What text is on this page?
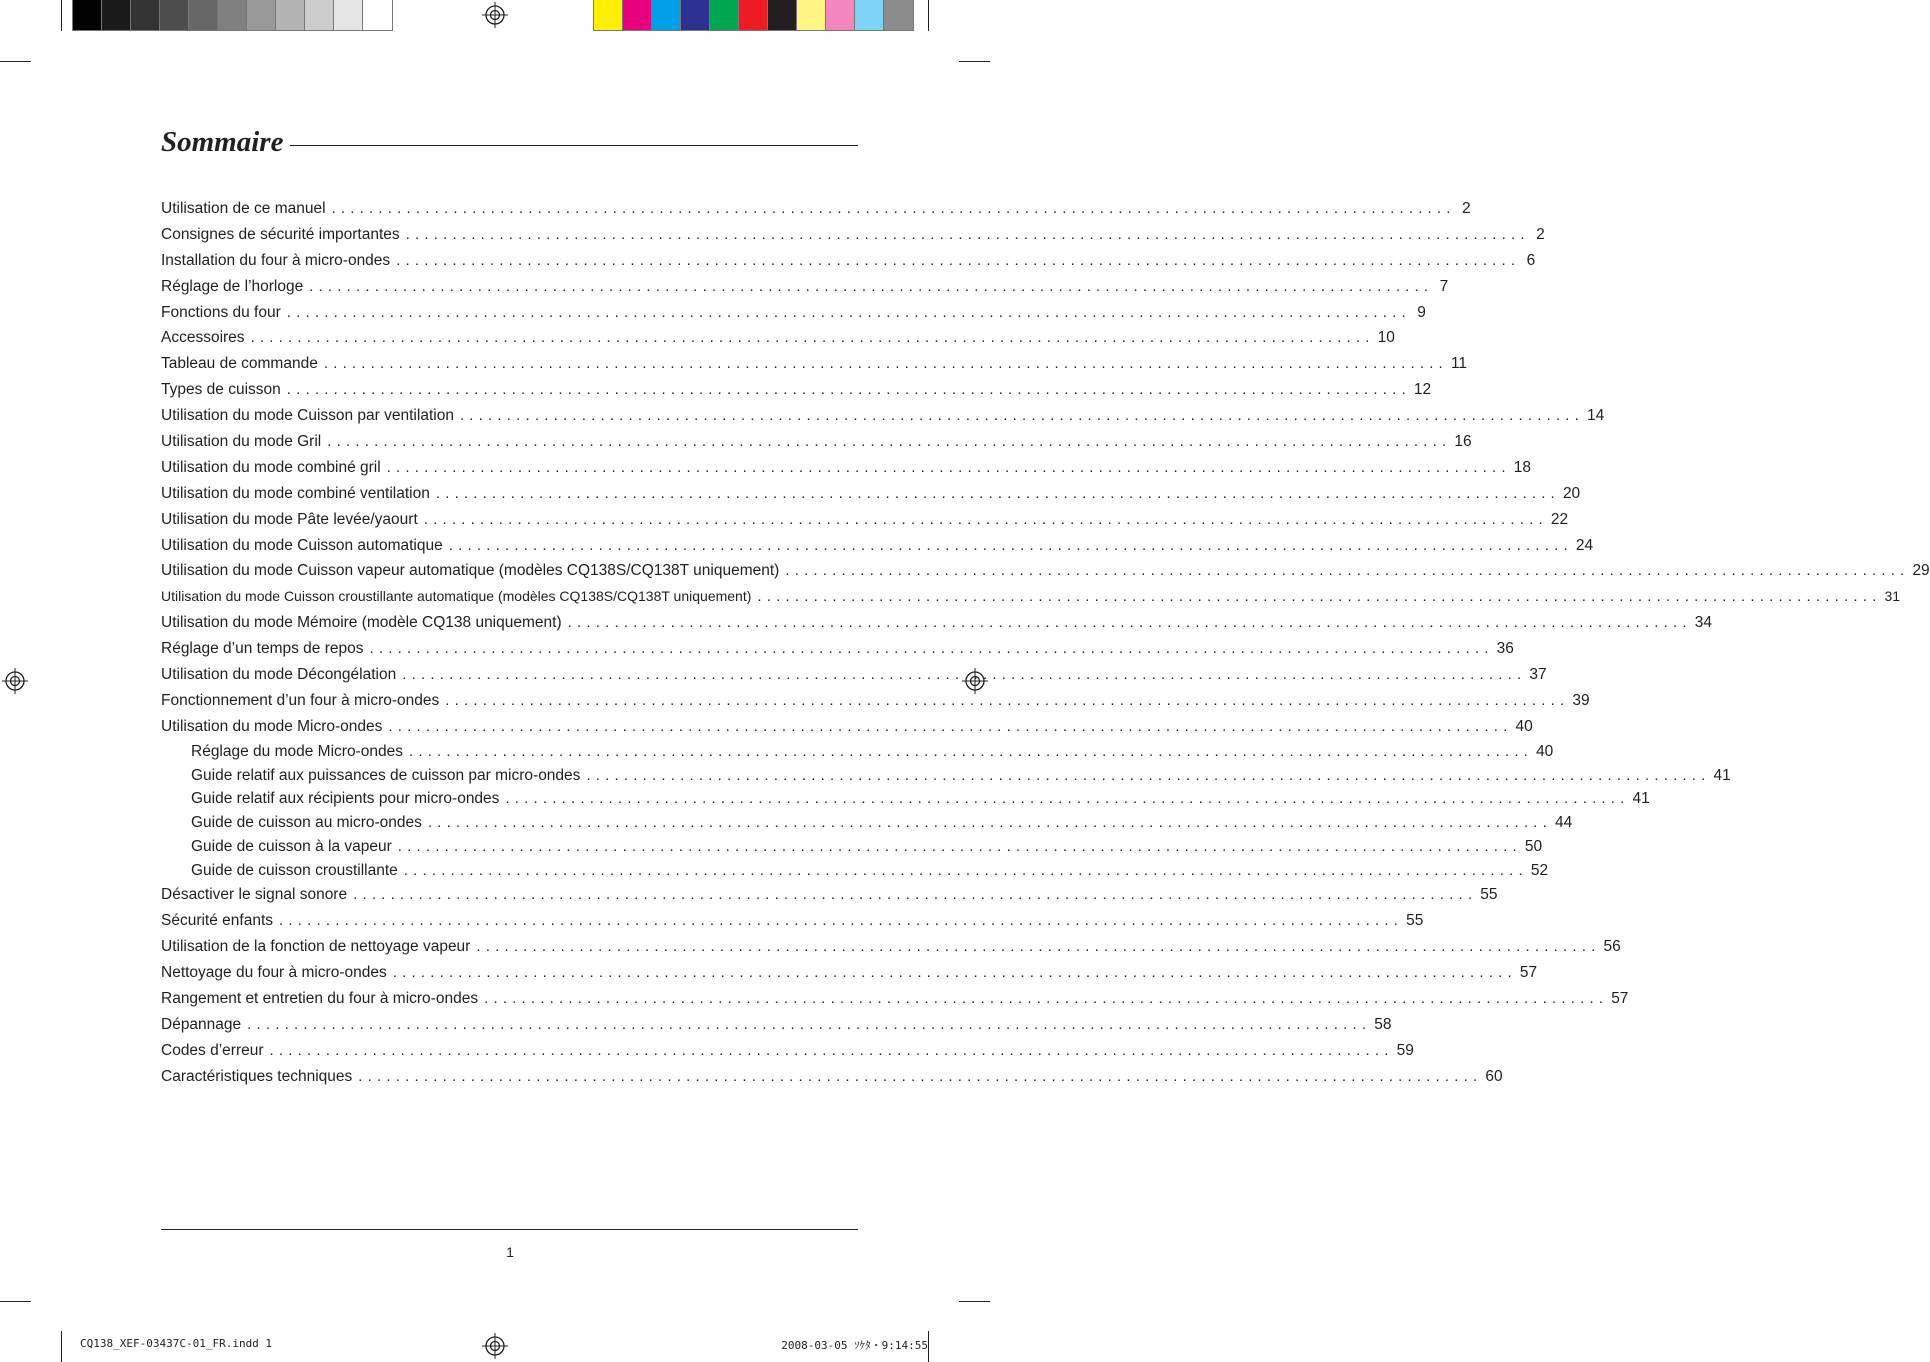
Sommaire
Utilisation de ce manuel ........................................................................................................................ 2
Consignes de sécurité importantes ........................................................................................................................ 2
Installation du four à micro-ondes ........................................................................................................................ 6
Réglage de l’horloge ........................................................................................................................ 7
Fonctions du four ........................................................................................................................ 9
Accessoires ........................................................................................................................ 10
Tableau de commande ........................................................................................................................ 11
Types de cuisson ........................................................................................................................ 12
Utilisation du mode Cuisson par ventilation ........................................................................................................................ 14
Utilisation du mode Gril ........................................................................................................................ 16
Utilisation du mode combiné gril ........................................................................................................................ 18
Utilisation du mode combiné ventilation ........................................................................................................................ 20
Utilisation du mode Pâte levée/yaourt ........................................................................................................................ 22
Utilisation du mode Cuisson automatique ........................................................................................................................ 24
Utilisation du mode Cuisson vapeur automatique (modèles CQ138S/CQ138T uniquement) ........................................................................................................................ 29
Utilisation du mode Cuisson croustillante automatique (modèles CQ138S/CQ138T uniquement) ........................................................................................................................ 31
Utilisation du mode Mémoire (modèle CQ138 uniquement) ........................................................................................................................ 34
Réglage d’un temps de repos ........................................................................................................................ 36
Utilisation du mode Décongélation ........................................................................................................................ 37
Fonctionnement d’un four à micro-ondes ........................................................................................................................ 39
Utilisation du mode Micro-ondes ........................................................................................................................ 40
Réglage du mode Micro-ondes ........................................................................................................................ 40
Guide relatif aux puissances de cuisson par micro-ondes ........................................................................................................................ 41
Guide relatif aux récipients pour micro-ondes ........................................................................................................................ 41
Guide de cuisson au micro-ondes ........................................................................................................................ 44
Guide de cuisson à la vapeur ........................................................................................................................ 50
Guide de cuisson croustillante ........................................................................................................................ 52
Désactiver le signal sonore ........................................................................................................................ 55
Sécurité enfants ........................................................................................................................ 55
Utilisation de la fonction de nettoyage vapeur ........................................................................................................................ 56
Nettoyage du four à micro-ondes ........................................................................................................................ 57
Rangement et entretien du four à micro-ondes ........................................................................................................................ 57
Dépannage ........................................................................................................................ 58
Codes d’erreur ........................................................................................................................ 59
Caractéristiques techniques ........................................................................................................................ 60
1
CQ138_XEF-03437C-01_FR.indd 1	2008-03-05 ｿｹﾀ・9:14:55
